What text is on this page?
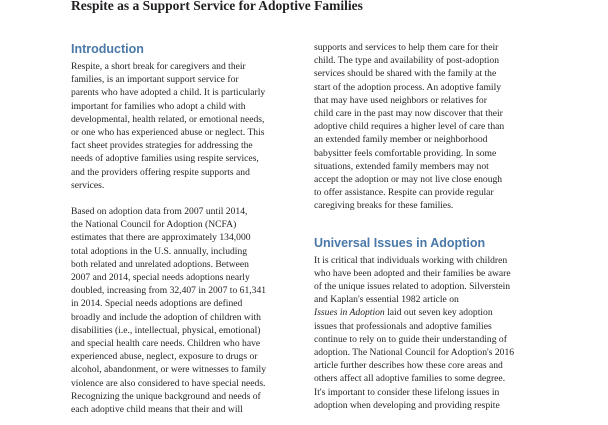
Respite as a Support Service for Adoptive Families
Introduction

Respite, a short break for caregivers and their
families, is an important support service for
parents who have adopted a child. It is particularly
important for families who adopt a child with
developmental, health related, or emotional needs,
or one who has experienced abuse or neglect. This
fact sheet provides strategies for addressing the
needs of adoptive families using respite services,
and the providers offering respite supports and
services.

Based on adoption data from 2007 until 2014,
the National Council for Adoption (NCFA)
estimates that there are approximately 134,000
total adoptions in the U.S. annually, including
both related and unrelated adoptions. Between
2007 and 2014, special needs adoptions nearly
doubled, increasing from 32,407 in 2007 to 61,341
in 2014. Special needs adoptions are defined
broadly and include the adoption of children with
disabilities (i.e., intellectual, physical, emotional)
and special health care needs. Children who have
experienced abuse, neglect, exposure to drugs or
alcohol, abandonment, or were witnesses to family
violence are also considered to have special needs.
Recognizing the unique background and needs of
each adoptive child means that their and will

supports and services to help them care for their
child. The type and availability of post-adoption
services should be shared with the family at the
start of the adoption process. An adoptive family
that may have used neighbors or relatives for
child care in the past may now discover that their
adoptive child requires a higher level of care than
an extended family member or neighborhood
babysitter feels comfortable providing. In some
situations, extended family members may not
accept the adoption or may not live close enough
to offer assistance. Respite can provide regular
caregiving breaks for these families.

Universal Issues in Adoption

It is critical that individuals working with children
who have been adopted and their families be aware
of the unique issues related to adoption. Silverstein
and Kaplan's essential 1982 article on
Issues in Adoption laid out seven key adoption
issues that professionals and adoptive families
continue to rely on to guide their understanding of
adoption. The National Council for Adoption's 2016
article further describes how these core areas and
others affect all adoptive families to some degree.
It's important to consider these lifelong issues in
adoption when developing and providing respite
